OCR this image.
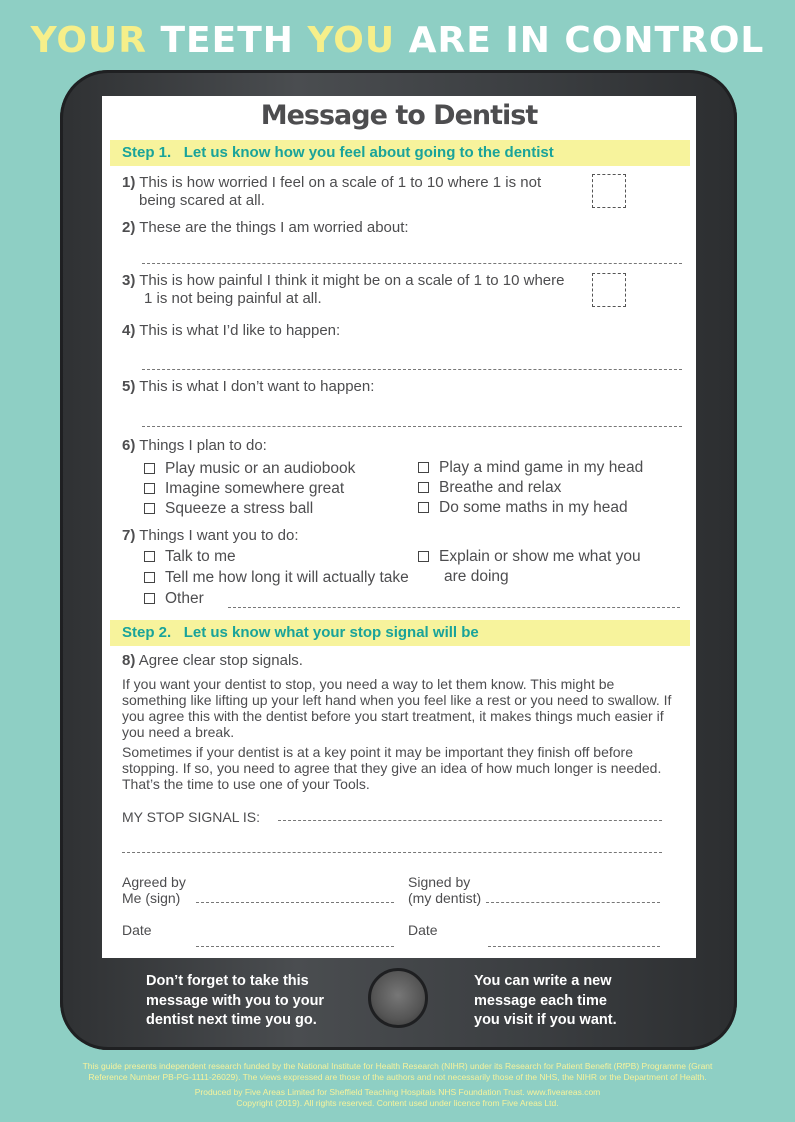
YOUR TEETH YOU ARE IN CONTROL
Message to Dentist
Step 1. Let us know how you feel about going to the dentist
1) This is how worried I feel on a scale of 1 to 10 where 1 is not
being scared at all.
2) These are the things I am worried about:
3) This is how painful I think it might be on a scale of 1 to 10 where
1 is not being painful at all.
4) This is what I’d like to happen:
5) This is what I don’t want to happen:
6) Things I plan to do:
Play music or an audiobook
Imagine somewhere great
Squeeze a stress ball
Play a mind game in my head
Breathe and relax
Do some maths in my head
7) Things I want you to do:
Talk to me
Tell me how long it will actually take
Other
Explain or show me what you
are doing
Step 2. Let us know what your stop signal will be
8) Agree clear stop signals.
If you want your dentist to stop, you need a way to let them know. This might be something like lifting up your left hand when you feel like a rest or you need to swallow. If you agree this with the dentist before you start treatment, it makes things much easier if you need a break.
Sometimes if your dentist is at a key point it may be important they finish off before stopping. If so, you need to agree that they give an idea of how much longer is needed. That’s the time to use one of your Tools.
MY STOP SIGNAL IS:
Agreed by
Me (sign)
Signed by
(my dentist)
Date	Date
Don’t forget to take this
message with you to your
dentist next time you go.
You can write a new
message each time
you visit if you want.
This guide presents independent research funded by the National Institute for Health Research (NIHR) under its Research for Patient Benefit (RfPB) Programme (Grant
Reference Number PB-PG-1111-26029). The views expressed are those of the authors and not necessarily those of the NHS, the NIHR or the Department of Health.
Produced by Five Areas Limited for Sheffield Teaching Hospitals NHS Foundation Trust. www.fiveareas.com
Copyright (2019). All rights reserved. Content used under licence from Five Areas Ltd.
